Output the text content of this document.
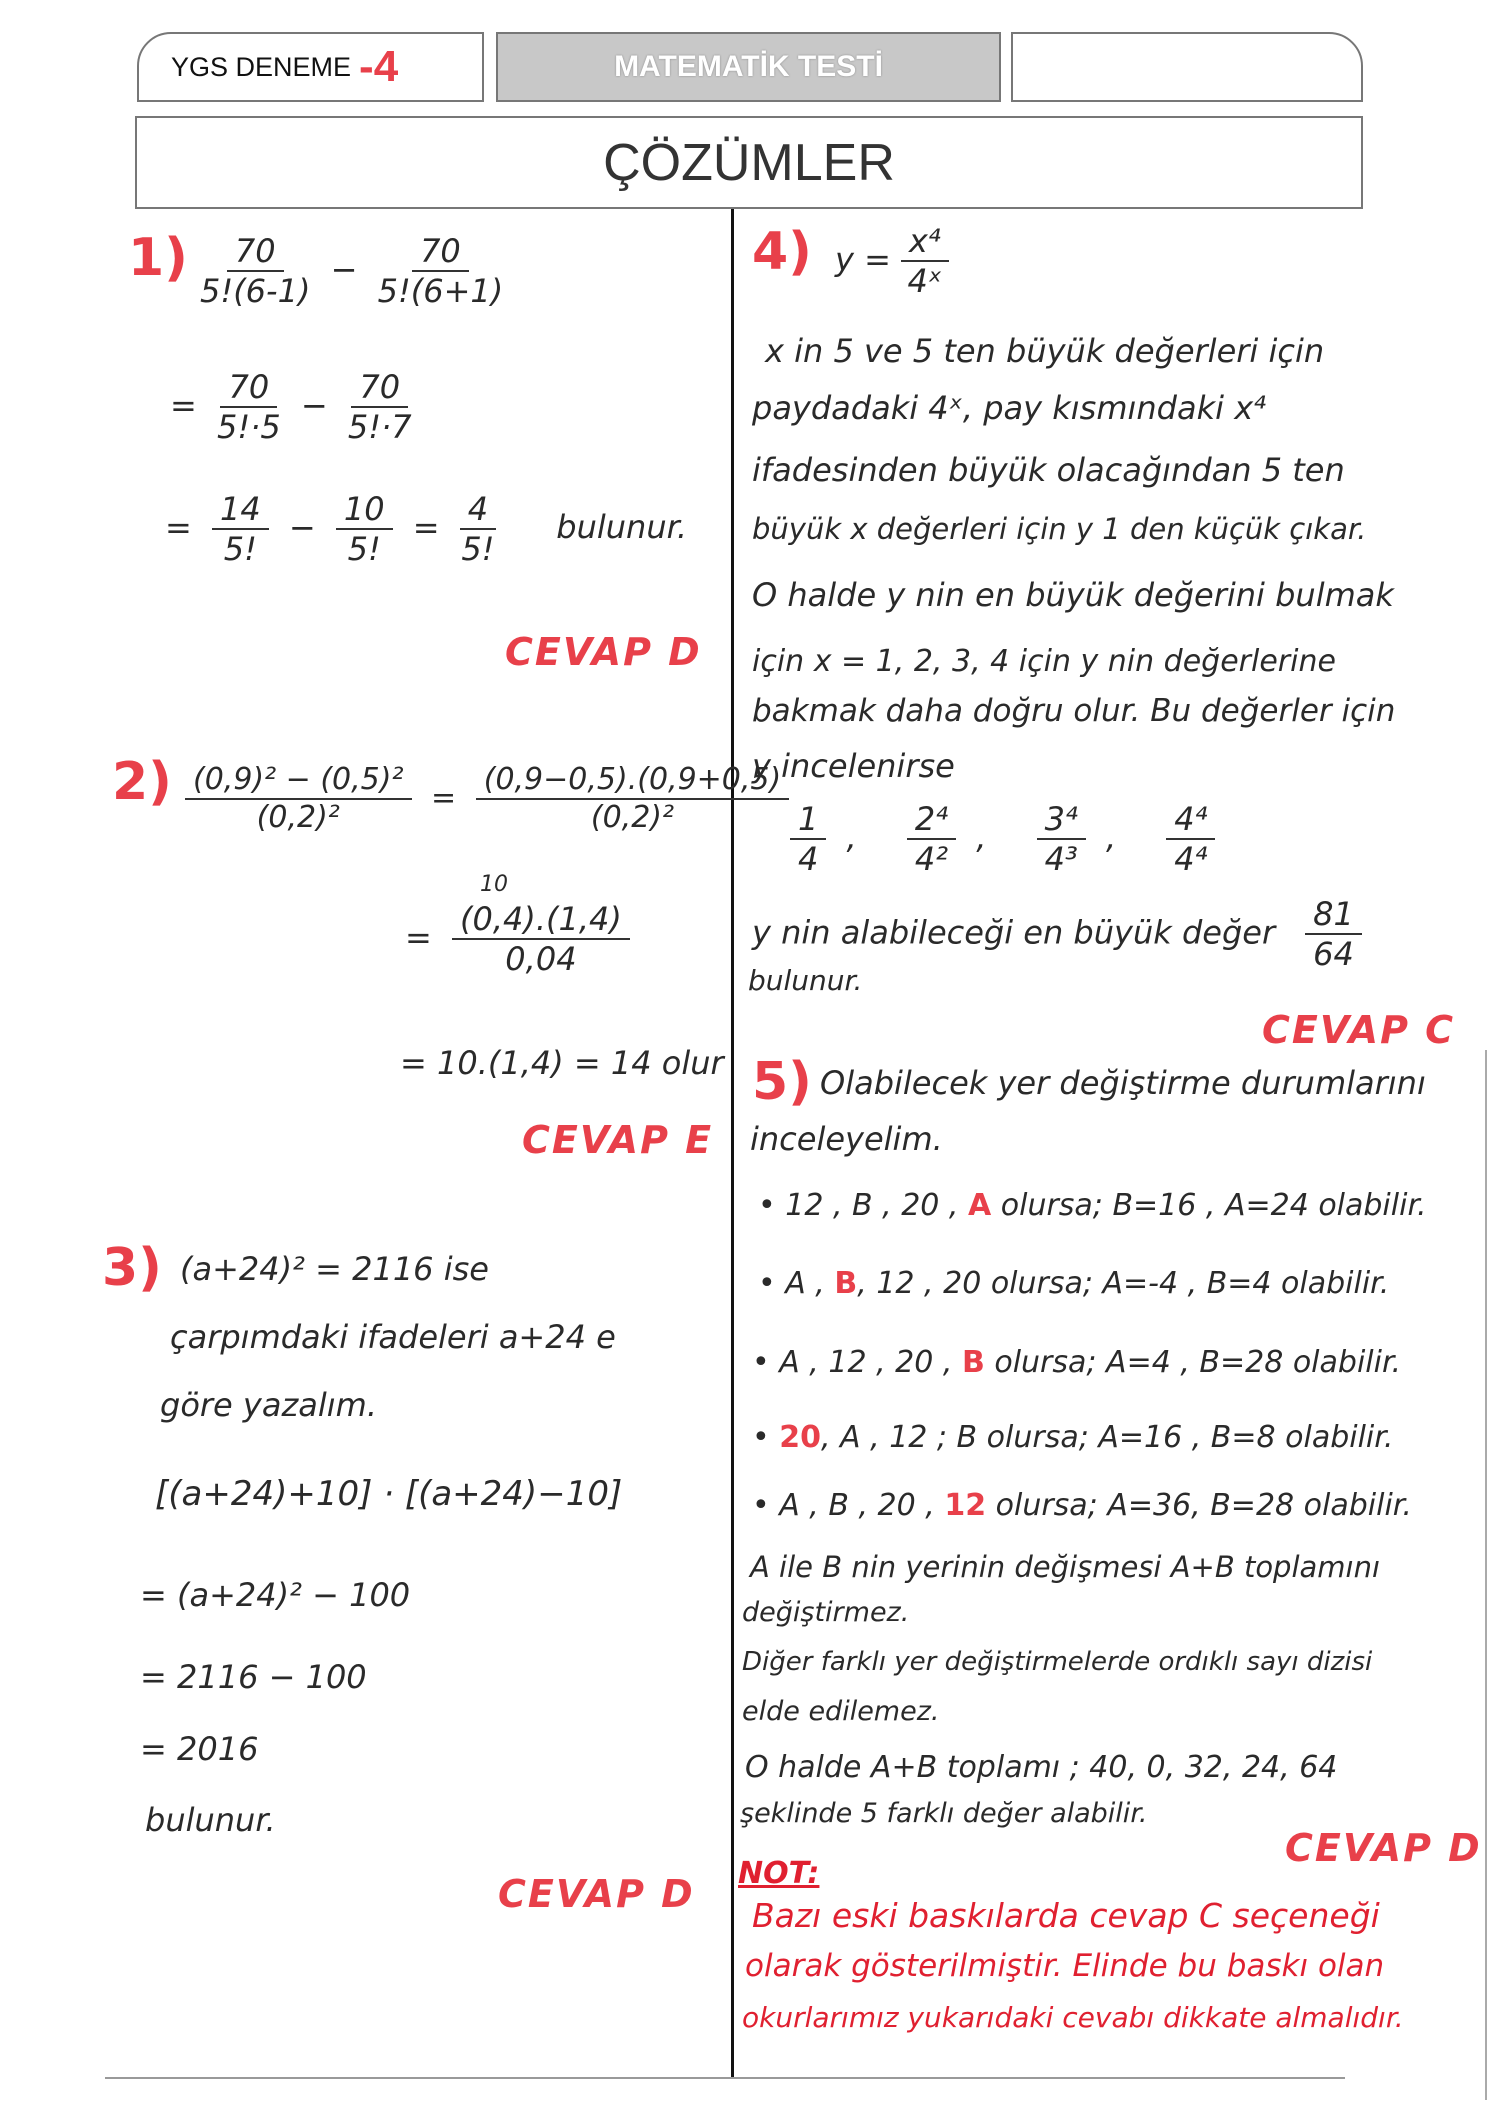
YGS DENEME -4	MATEMATİK TESTİ
ÇÖZÜMLER
$1) \frac{70}{5!(6-1)} - \frac{70}{5!(6+1)}$
= $\frac{70}{5!\cdot 5} - \frac{70}{5!\cdot 7}$
= $\frac{14}{5!} - \frac{10}{5!} = \frac{4}{5!}$ bulunur.
CEVAP D
$2) \frac{\text{(0,9)² − (0,5)²}}{\text{(0,2)²}} = \frac{(0,9-0,5).(0,9+0,5)}{\text{(0,2)²}}$
10
= $\frac{(0,4).(1,4)}{0,04}$
= 10.(1,4) = 14 olur
CEVAP E
3) (a+24)² = 2116 ise
çarpımdaki ifadeleri a+24 e
göre yazalım.
[(a+24)+10] · [(a+24)−10]
= (a+24)² − 100
= 2116 − 100
= 2016
bulunur.
CEVAP D
4) $y = \frac{\text{x⁴}}{\text{4ˣ}}$
x in 5 ve 5 ten büyük değerleri için
paydadaki 4ˣ, pay kısmındaki x⁴
ifadesinden büyük olacağından 5 ten
büyük x değerleri için y 1 den küçük çıkar.
O halde y nin en büyük değerini bulmak
için x = 1, 2, 3, 4 için y nin değerlerine
bakmak daha doğru olur. Bu değerler için
y incelenirse
$\frac{1}{4}$ , $\frac{\text{2⁴}}{\text{4²}}$ , $\frac{\text{3⁴}}{\text{4³}}$ , $\frac{\text{4⁴}}{\text{4⁴}}$
y nin alabileceği en büyük değer $\frac{81}{64}$
bulunur.
CEVAP C
5) Olabilecek yer değiştirme durumlarını
inceleyelim.
• 12 , B , 20 , A olursa; B=16 , A=24 olabilir.
• A , B, 12 , 20 olursa; A=-4 , B=4 olabilir.
• A , 12 , 20 , B olursa; A=4 , B=28 olabilir.
• 20, A , 12 ; B olursa; A=16 , B=8 olabilir.
• A , B , 20 , 12 olursa; A=36, B=28 olabilir.
A ile B nin yerinin değişmesi A+B toplamını
değiştirmez.
Diğer farklı yer değiştirmelerde ordıklı sayı dizisi
elde edilemez.
O halde A+B toplamı ; 40, 0, 32, 24, 64
şeklinde 5 farklı değer alabilir.
CEVAP D
NOT:
Bazı eski baskılarda cevap C seçeneği
olarak gösterilmiştir. Elinde bu baskı olan
okurlarımız yukarıdaki cevabı dikkate almalıdır.
